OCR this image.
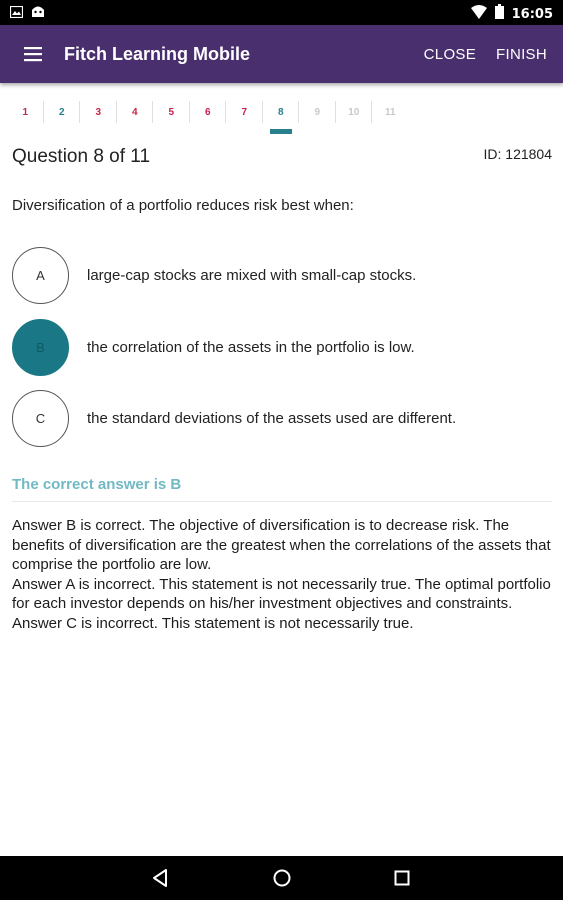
16:05
Fitch Learning Mobile	CLOSE FINISH
1	2	3	4	5	6	7	8	9	10	11
Question 8 of 11	ID: 121804
Diversification of a portfolio reduces risk best when:
A	large-cap stocks are mixed with small-cap stocks.
B	the correlation of the assets in the portfolio is low.
C	the standard deviations of the assets used are different.
The correct answer is B

Answer B is correct. The objective of diversification is to decrease risk. The benefits of diversification are the greatest when the correlations of the assets that comprise the portfolio are low.

Answer A is incorrect. This statement is not necessarily true. The optimal portfolio for each investor depends on his/her investment objectives and constraints.

Answer C is incorrect. This statement is not necessarily true.
